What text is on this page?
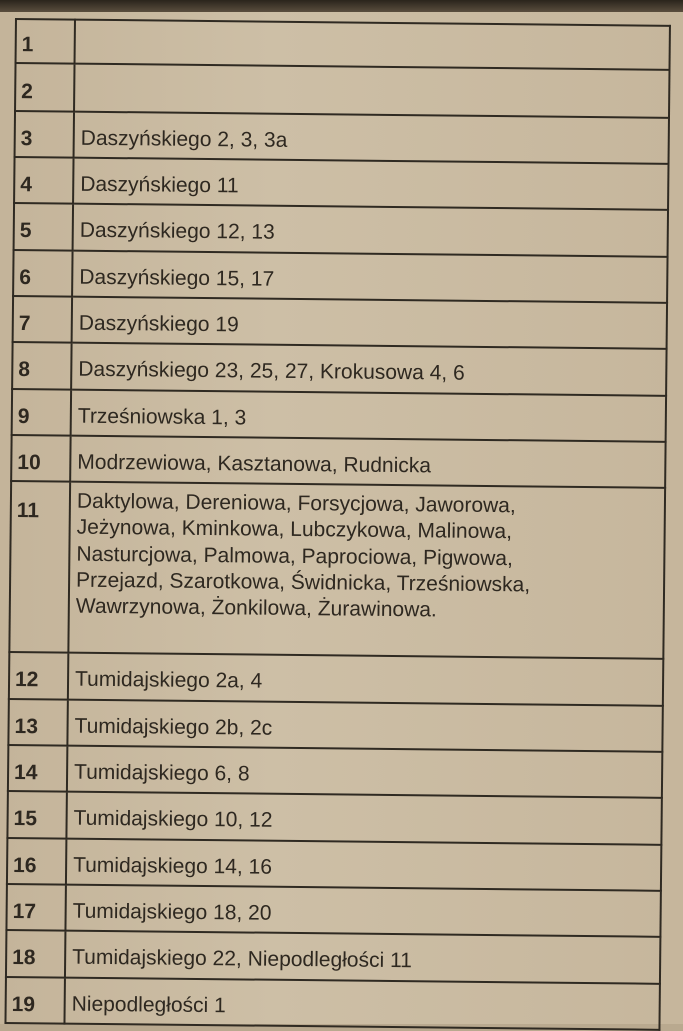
1	
2	
3	Daszyńskiego 2, 3, 3a
4	Daszyńskiego 11
5	Daszyńskiego 12, 13
6	Daszyńskiego 15, 17
7	Daszyńskiego 19
8	Daszyńskiego 23, 25, 27, Krokusowa 4, 6
9	Trześniowska 1, 3
10	Modrzewiowa, Kasztanowa, Rudnicka
11	Daktylowa, Dereniowa, Forsycjowa, Jaworowa,
Jeżynowa, Kminkowa, Lubczykowa, Malinowa,
Nasturcjowa, Palmowa, Paprociowa, Pigwowa,
Przejazd, Szarotkowa, Świdnicka, Trześniowska,
Wawrzynowa, Żonkilowa, Żurawinowa.

12	Tumidajskiego 2a, 4
13	Tumidajskiego 2b, 2c
14	Tumidajskiego 6, 8
15	Tumidajskiego 10, 12
16	Tumidajskiego 14, 16
17	Tumidajskiego 18, 20
18	Tumidajskiego 22, Niepodległości 11
19	Niepodległości 1
